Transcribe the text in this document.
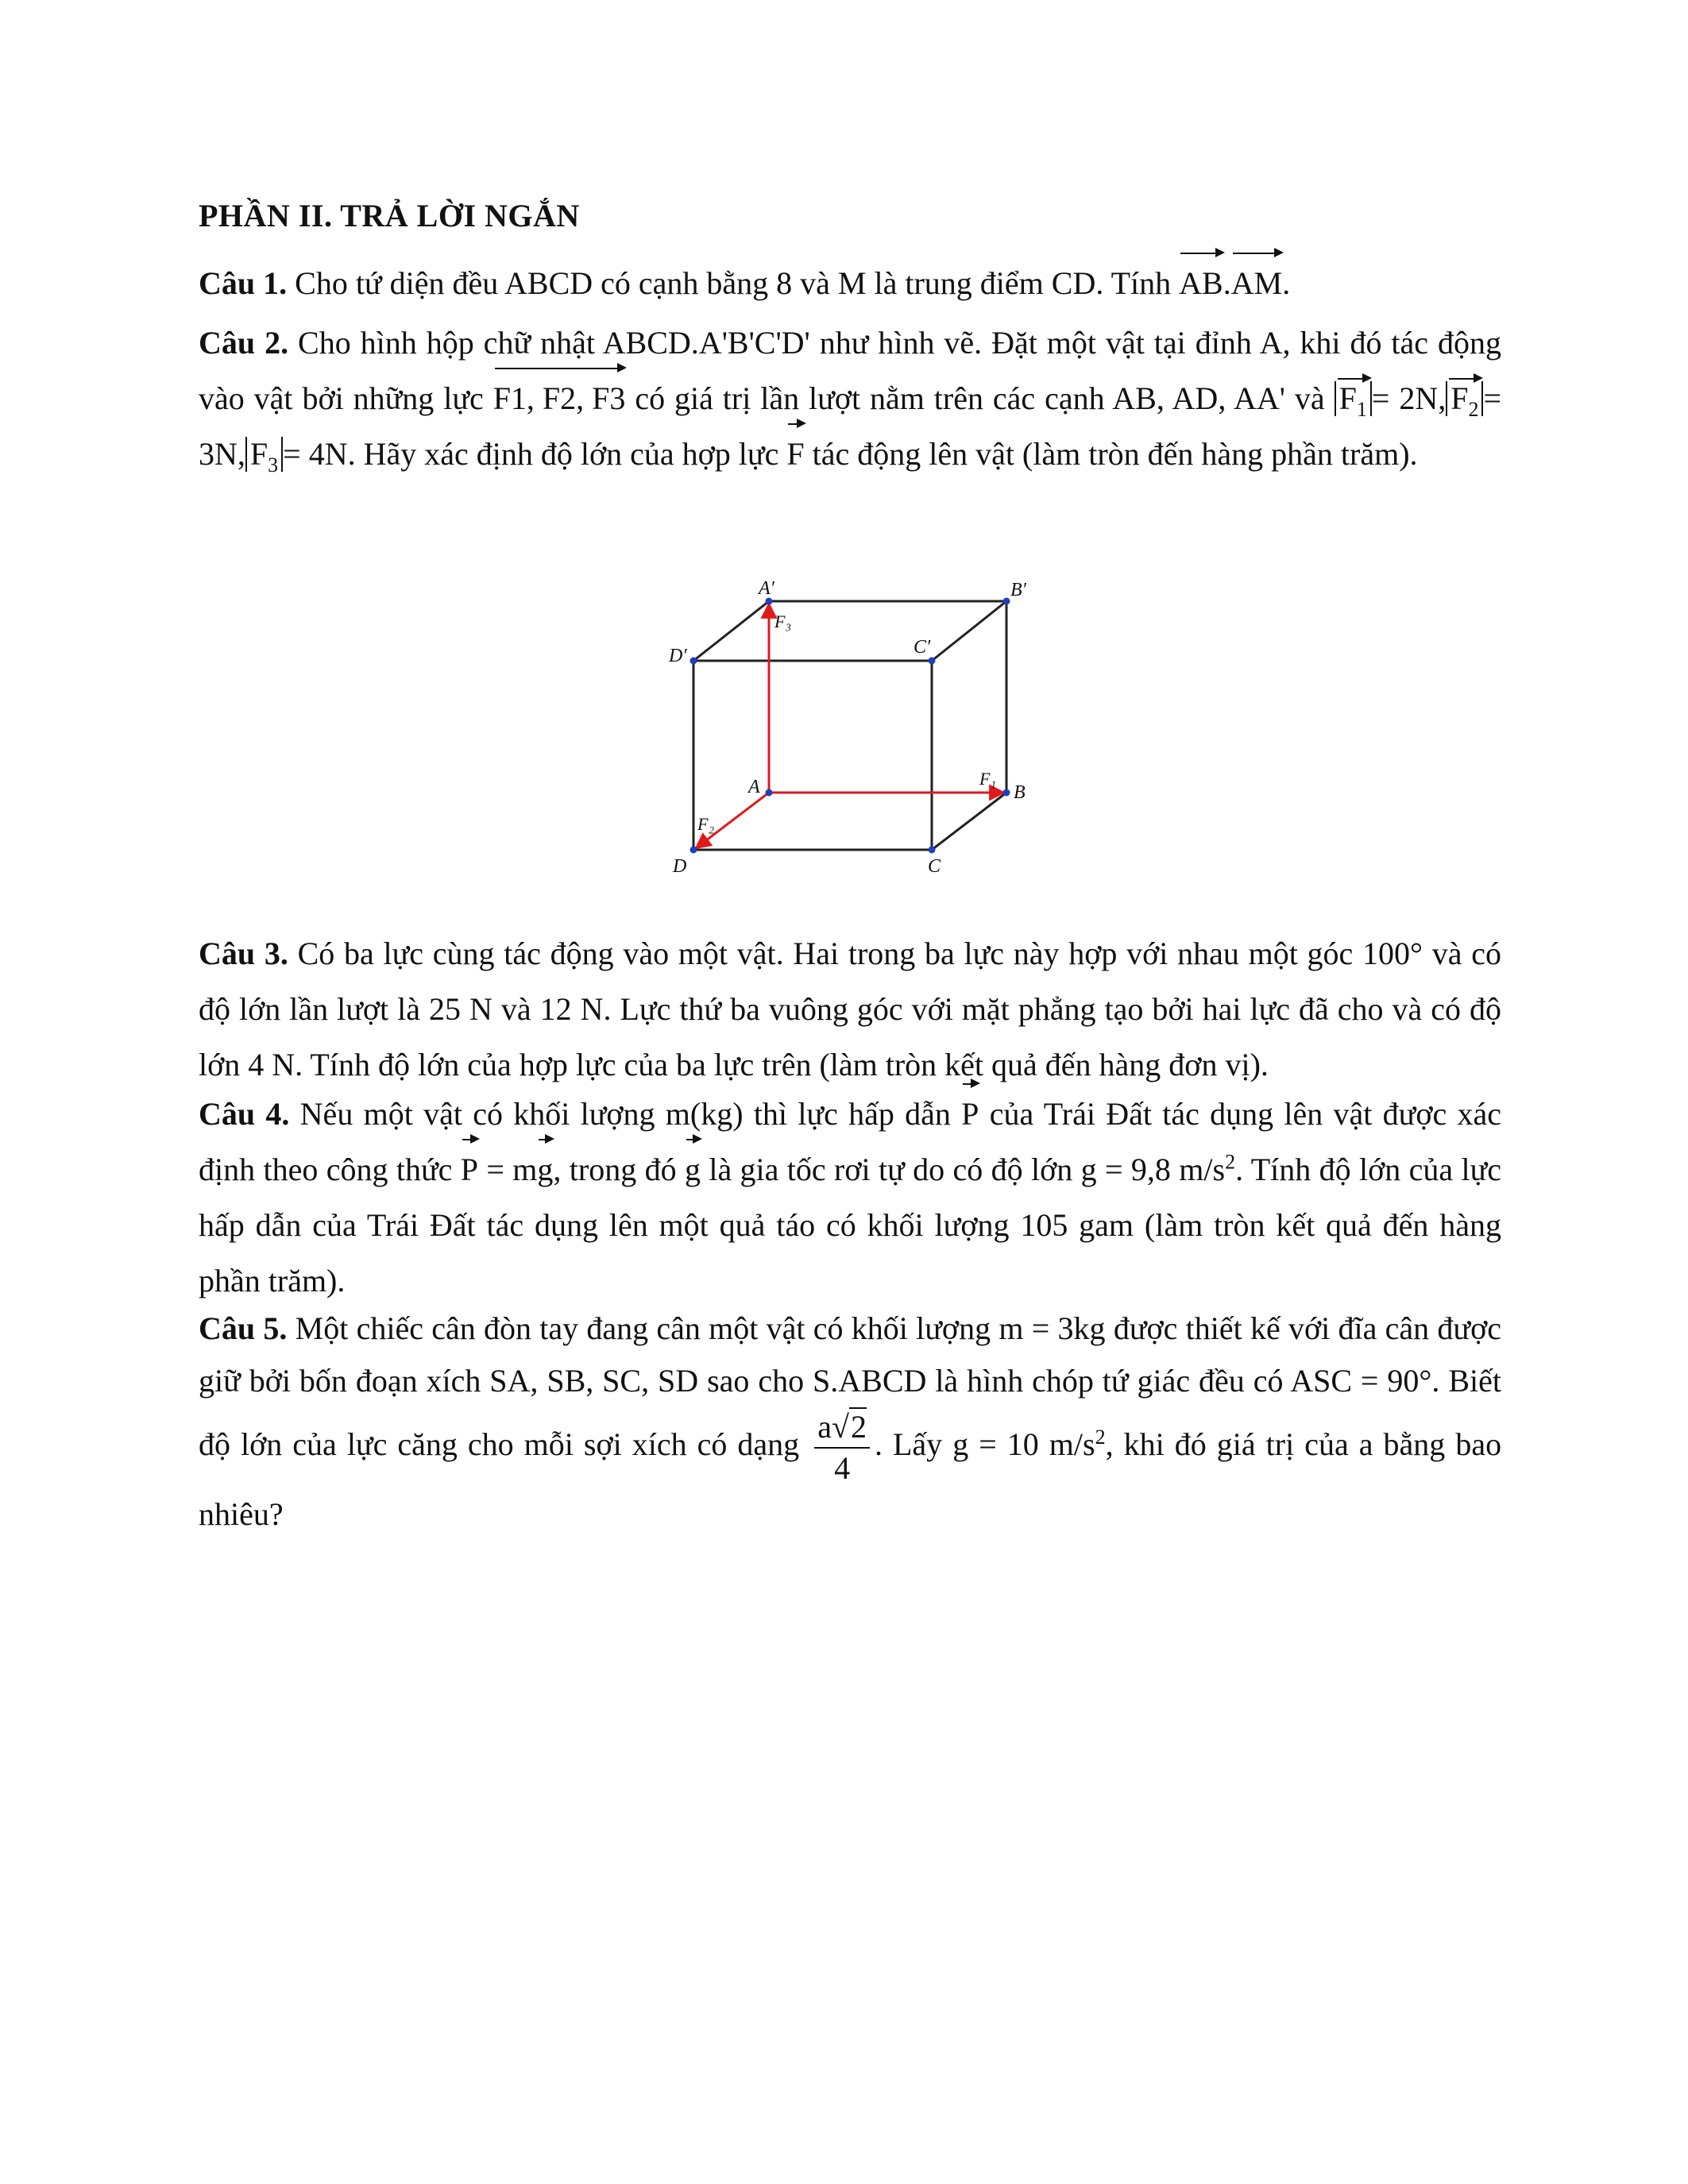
PHẦN II. TRẢ LỜI NGẮN
Câu 1. Cho tứ diện đều ABCD có cạnh bằng 8 và M là trung điểm CD. Tính AB.AM.
Câu 2. Cho hình hộp chữ nhật ABCD.A'B'C'D' như hình vẽ. Đặt một vật tại đỉnh A, khi đó tác động vào vật bởi những lực F1, F2, F3 có giá trị lần lượt nằm trên các cạnh AB, AD, AA' và $F_1 = 2N$, $F_2 = 3N$, $F_3 = 4N$. Hãy xác định độ lớn của hợp lực F tác động lên vật (làm tròn đến hàng phần trăm).
A′	B′
C′
D′
A	B
C
D
F₃
F₁
F₂
Câu 3. Có ba lực cùng tác động vào một vật. Hai trong ba lực này hợp với nhau một góc 100° và có độ lớn lần lượt là 25 N và 12 N. Lực thứ ba vuông góc với mặt phẳng tạo bởi hai lực đã cho và có độ lớn 4 N. Tính độ lớn của hợp lực của ba lực trên (làm tròn kết quả đến hàng đơn vị).
Câu 4. Nếu một vật có khối lượng m(kg) thì lực hấp dẫn P của Trái Đất tác dụng lên vật được xác định theo công thức P = mg, trong đó g là gia tốc rơi tự do có độ lớn g = 9,8 $m/s^2$. Tính độ lớn của lực hấp dẫn của Trái Đất tác dụng lên một quả táo có khối lượng 105 gam (làm tròn kết quả đến hàng phần trăm).
Câu 5. Một chiếc cân đòn tay đang cân một vật có khối lượng m = 3kg được thiết kế với đĩa cân được giữ bởi bốn đoạn xích SA, SB, SC, SD sao cho S.ABCD là hình chóp tứ giác đều có ASC = 90°. Biết độ lớn của lực căng cho mỗi sợi xích có dạng $\frac{a√2}{4}$ . Lấy g = 10 $m/s^2$, khi đó giá trị của a bằng bao nhiêu?
